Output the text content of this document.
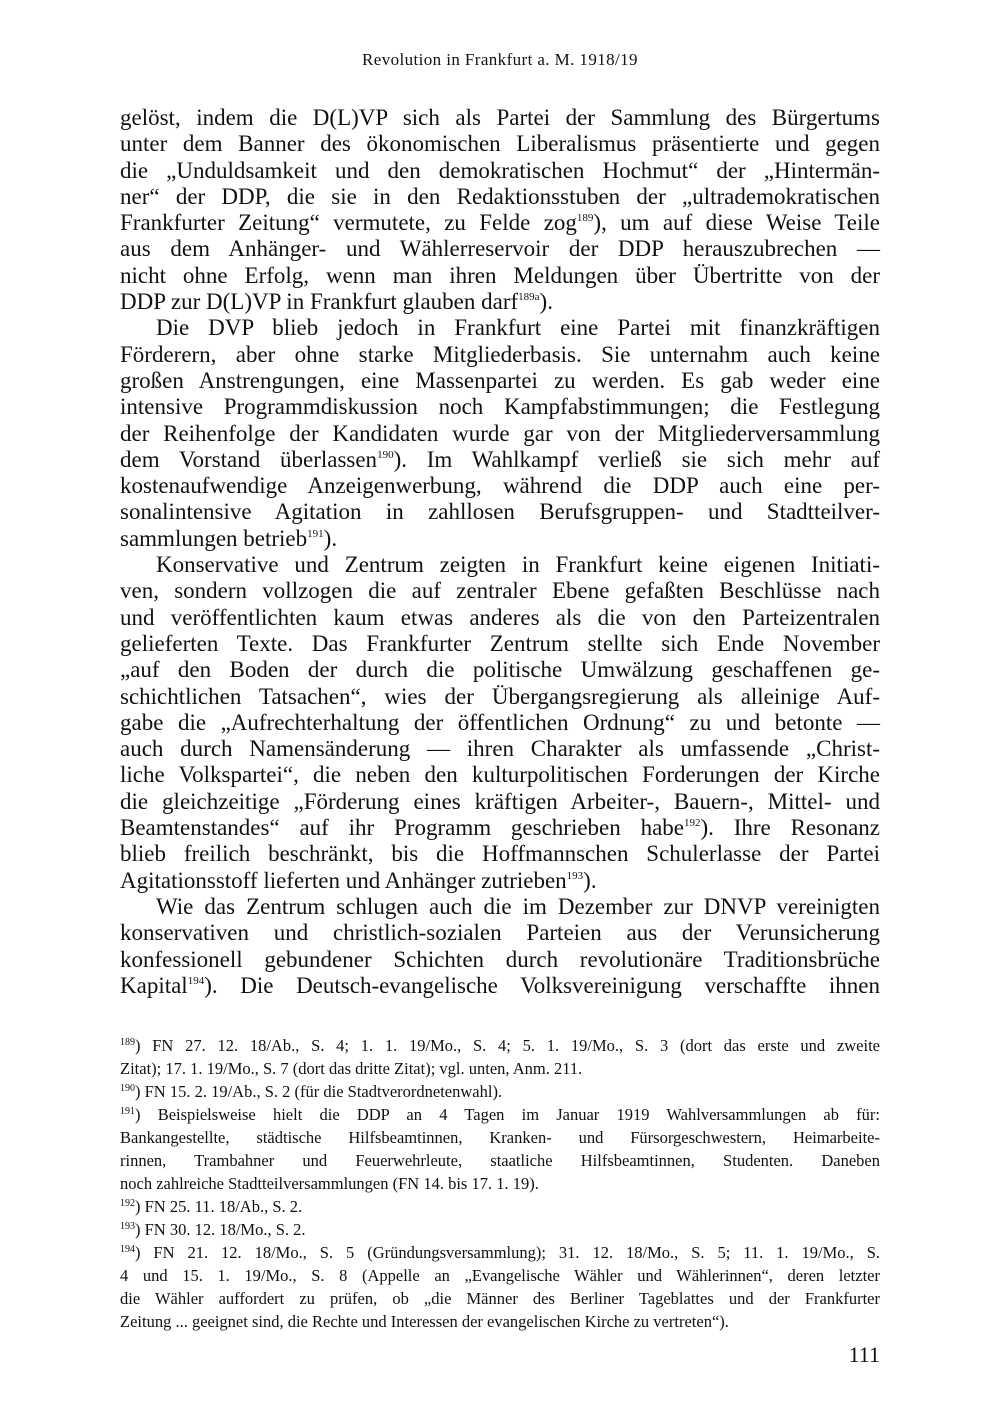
Revolution in Frankfurt a. M. 1918/19
gelöst, indem die D(L)VP sich als Partei der Sammlung des Bürgertums
unter dem Banner des ökonomischen Liberalismus präsentierte und gegen
die „Unduldsamkeit und den demokratischen Hochmut“ der „Hintermän-
ner“ der DDP, die sie in den Redaktionsstuben der „ultrademokratischen
Frankfurter Zeitung“ vermutete, zu Felde zog$^{189}$), um auf diese Weise Teile
aus dem Anhänger- und Wählerreservoir der DDP herauszubrechen —
nicht ohne Erfolg, wenn man ihren Meldungen über Übertritte von der
DDP zur D(L)VP in Frankfurt glauben darf$^{189a}$).
Die DVP blieb jedoch in Frankfurt eine Partei mit finanzkräftigen
Förderern, aber ohne starke Mitgliederbasis. Sie unternahm auch keine
großen Anstrengungen, eine Massenpartei zu werden. Es gab weder eine
intensive Programmdiskussion noch Kampfabstimmungen; die Festlegung
der Reihenfolge der Kandidaten wurde gar von der Mitgliederversammlung
dem Vorstand überlassen$^{190}$). Im Wahlkampf verließ sie sich mehr auf
kostenaufwendige Anzeigenwerbung, während die DDP auch eine per-
sonalintensive Agitation in zahllosen Berufsgruppen- und Stadtteilver-
sammlungen betrieb$^{191}$).
Konservative und Zentrum zeigten in Frankfurt keine eigenen Initiati-
ven, sondern vollzogen die auf zentraler Ebene gefaßten Beschlüsse nach
und veröffentlichten kaum etwas anderes als die von den Parteizentralen
gelieferten Texte. Das Frankfurter Zentrum stellte sich Ende November
„auf den Boden der durch die politische Umwälzung geschaffenen ge-
schichtlichen Tatsachen“, wies der Übergangsregierung als alleinige Auf-
gabe die „Aufrechterhaltung der öffentlichen Ordnung“ zu und betonte —
auch durch Namensänderung — ihren Charakter als umfassende „Christ-
liche Volkspartei“, die neben den kulturpolitischen Forderungen der Kirche
die gleichzeitige „Förderung eines kräftigen Arbeiter-, Bauern-, Mittel- und
Beamtenstandes“ auf ihr Programm geschrieben habe$^{192}$). Ihre Resonanz
blieb freilich beschränkt, bis die Hoffmannschen Schulerlasse der Partei
Agitationsstoff lieferten und Anhänger zutrieben$^{193}$).
Wie das Zentrum schlugen auch die im Dezember zur DNVP vereinigten
konservativen und christlich-sozialen Parteien aus der Verunsicherung
konfessionell gebundener Schichten durch revolutionäre Traditionsbrüche
Kapital$^{194}$). Die Deutsch-evangelische Volksvereinigung verschaffte ihnen
$^{189}$) FN 27. 12. 18/Ab., S. 4; 1. 1. 19/Mo., S. 4; 5. 1. 19/Mo., S. 3 (dort das erste und zweite
Zitat); 17. 1. 19/Mo., S. 7 (dort das dritte Zitat); vgl. unten, Anm. 211.
$^{190}$) FN 15. 2. 19/Ab., S. 2 (für die Stadtverordnetenwahl).
$^{191}$) Beispielsweise hielt die DDP an 4 Tagen im Januar 1919 Wahlversammlungen ab für:
Bankangestellte, städtische Hilfsbeamtinnen, Kranken- und Fürsorgeschwestern, Heimarbeite-
rinnen, Trambahner und Feuerwehrleute, staatliche Hilfsbeamtinnen, Studenten. Daneben
noch zahlreiche Stadtteilversammlungen (FN 14. bis 17. 1. 19).
$^{192}$) FN 25. 11. 18/Ab., S. 2.
$^{193}$) FN 30. 12. 18/Mo., S. 2.
$^{194}$) FN 21. 12. 18/Mo., S. 5 (Gründungsversammlung); 31. 12. 18/Mo., S. 5; 11. 1. 19/Mo., S.
4 und 15. 1. 19/Mo., S. 8 (Appelle an „Evangelische Wähler und Wählerinnen“, deren letzter
die Wähler auffordert zu prüfen, ob „die Männer des Berliner Tageblattes und der Frankfurter
Zeitung ... geeignet sind, die Rechte und Interessen der evangelischen Kirche zu vertreten“).
111
